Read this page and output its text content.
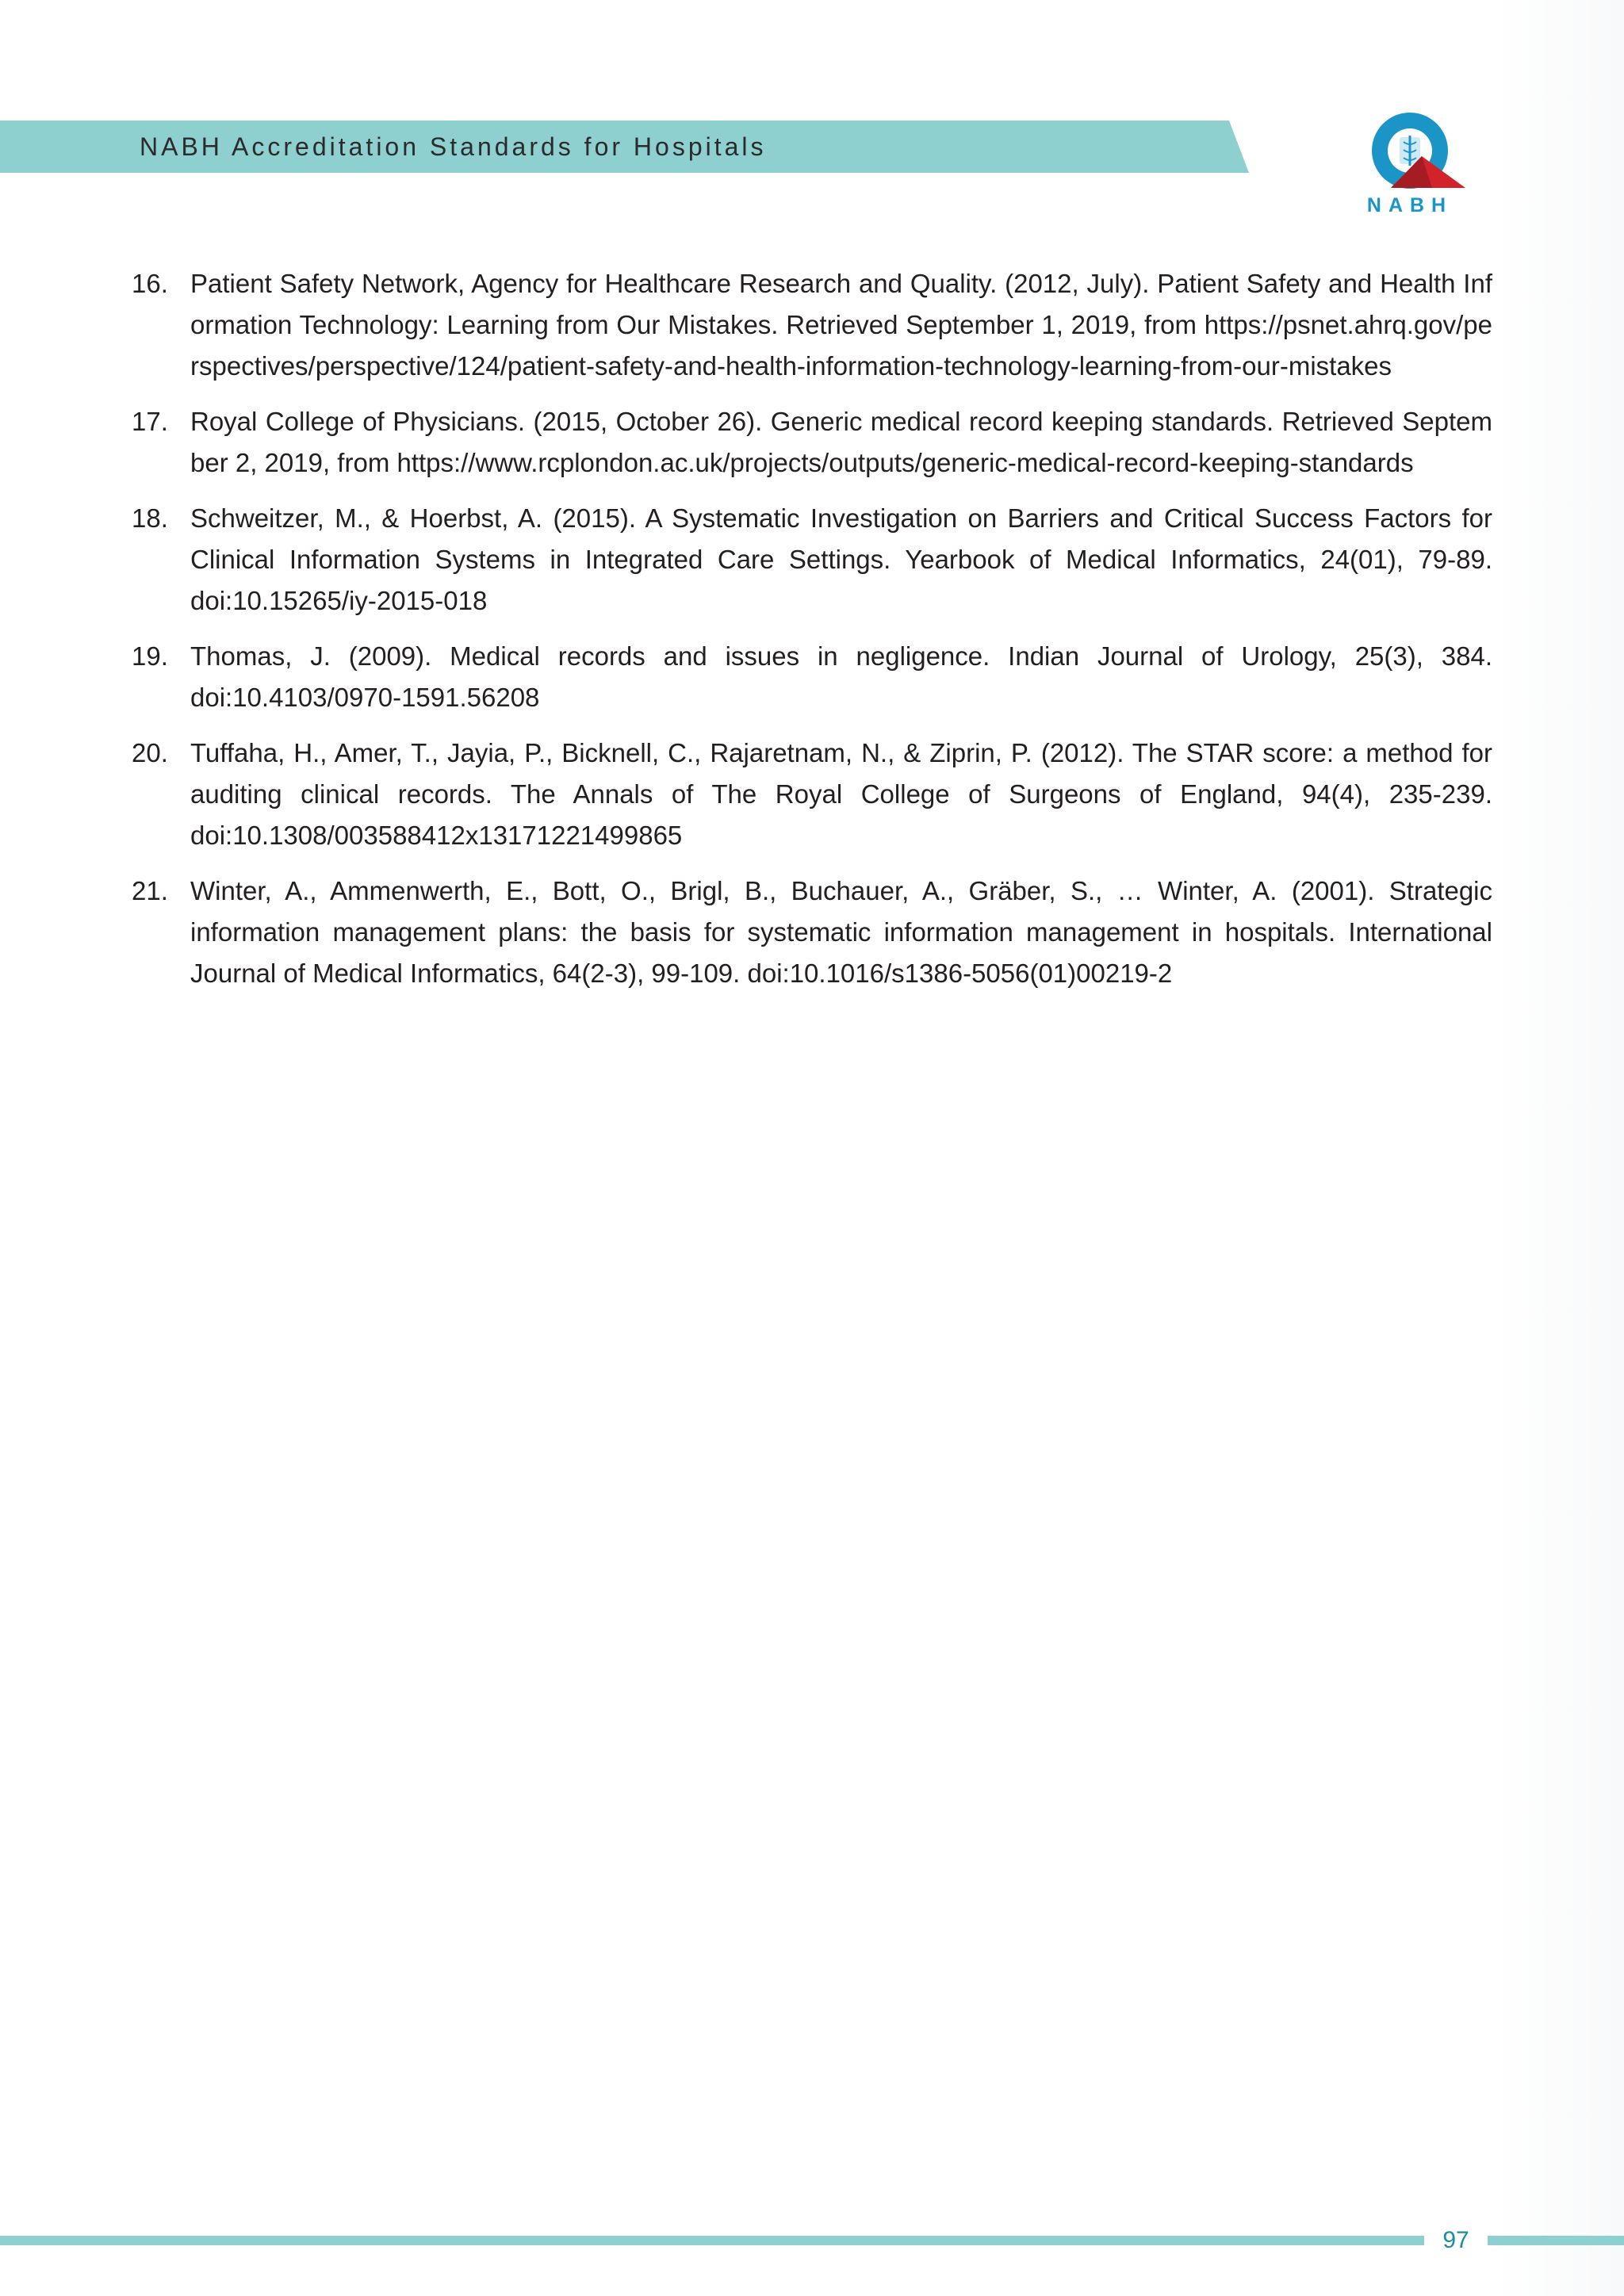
NABH Accreditation Standards for Hospitals
NABH
16. Patient Safety Network, Agency for Healthcare Research and Quality. (2012, July). Patient Safety and Health Information Technology: Learning from Our Mistakes. Retrieved September 1, 2019, from https://psnet.ahrq.gov/perspectives/perspective/124/patient-safety-and-health-information-technology-learning-from-our-mistakes
17. Royal College of Physicians. (2015, October 26). Generic medical record keeping standards. Retrieved September 2, 2019, from https://www.rcplondon.ac.uk/projects/outputs/generic-medical-record-keeping-standards
18. Schweitzer, M., & Hoerbst, A. (2015). A Systematic Investigation on Barriers and Critical Success Factors for Clinical Information Systems in Integrated Care Settings. Yearbook of Medical Informatics, 24(01), 79-89. doi:10.15265/iy-2015-018
19. Thomas, J. (2009). Medical records and issues in negligence. Indian Journal of Urology, 25(3), 384. doi:10.4103/0970-1591.56208
20. Tuffaha, H., Amer, T., Jayia, P., Bicknell, C., Rajaretnam, N., & Ziprin, P. (2012). The STAR score: a method for auditing clinical records. The Annals of The Royal College of Surgeons of England, 94(4), 235-239. doi:10.1308/003588412x13171221499865
21. Winter, A., Ammenwerth, E., Bott, O., Brigl, B., Buchauer, A., Gräber, S., … Winter, A. (2001). Strategic information management plans: the basis for systematic information management in hospitals. International Journal of Medical Informatics, 64(2-3), 99-109. doi:10.1016/s1386-5056(01)00219-2
97
